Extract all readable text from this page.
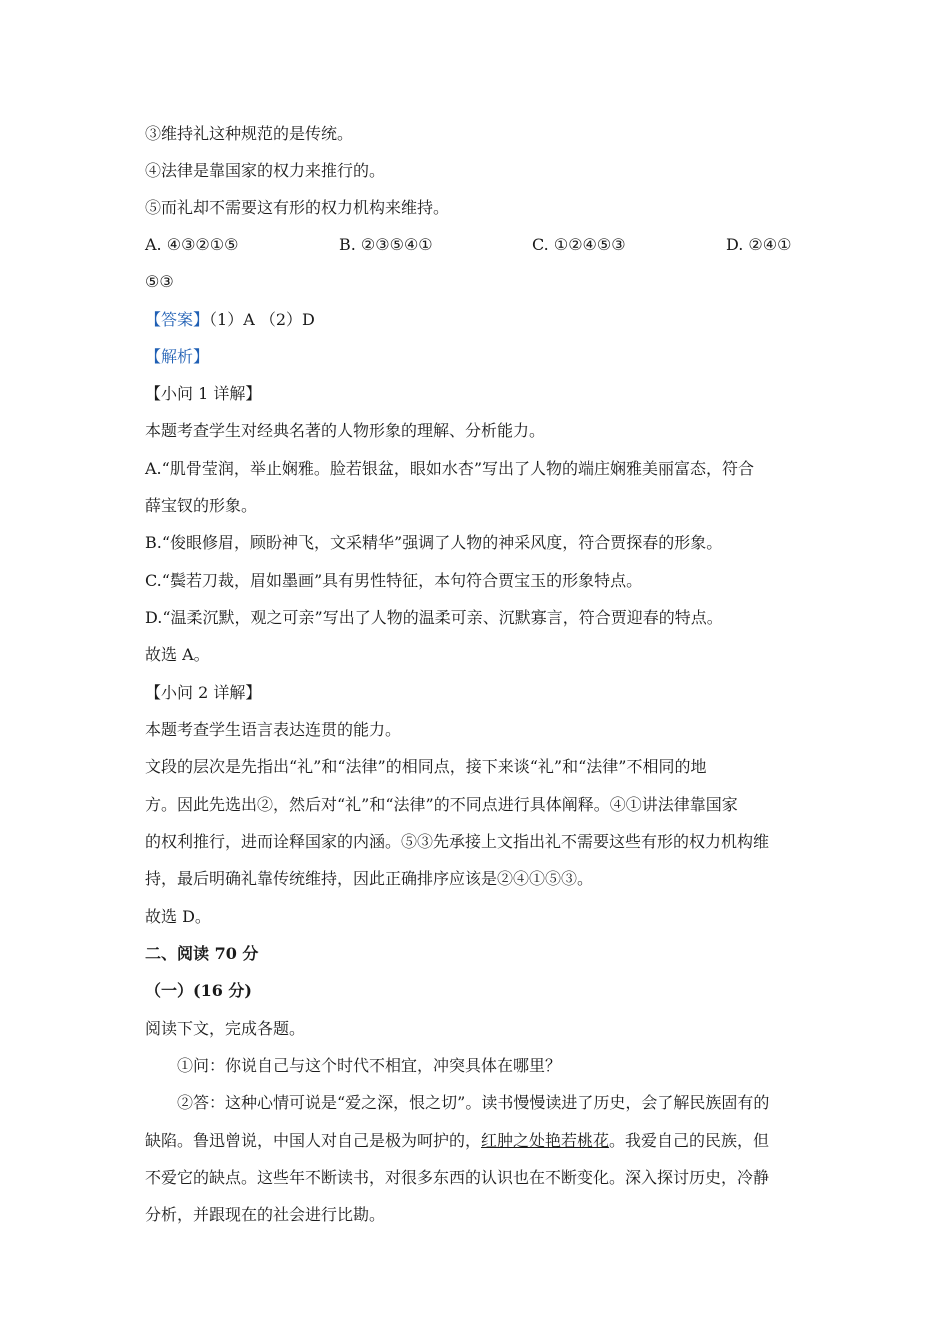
③维持礼这种规范的是传统。
④法律是靠国家的权力来推行的。
⑤而礼却不需要这有形的权力机构来维持。
A. ④③②①⑤	B. ②③⑤④①	C. ①②④⑤③	D. ②④①
⑤③
【答案】（1）A （2）D
【解析】
【小问 1 详解】
本题考查学生对经典名著的人物形象的理解、分析能力。
A.“肌骨莹润，举止娴雅。脸若银盆，眼如水杏”写出了人物的端庄娴雅美丽富态，符合
薛宝钗的形象。
B.“俊眼修眉，顾盼神飞，文采精华”强调了人物的神采风度，符合贾探春的形象。
C.“鬓若刀裁，眉如墨画”具有男性特征，本句符合贾宝玉的形象特点。
D.“温柔沉默，观之可亲”写出了人物的温柔可亲、沉默寡言，符合贾迎春的特点。
故选 A。
【小问 2 详解】
本题考查学生语言表达连贯的能力。
文段的层次是先指出“礼”和“法律”的相同点，接下来谈“礼”和“法律”不相同的地
方。因此先选出②，然后对“礼”和“法律”的不同点进行具体阐释。④①讲法律靠国家
的权利推行，进而诠释国家的内涵。⑤③先承接上文指出礼不需要这些有形的权力机构维
持，最后明确礼靠传统维持，因此正确排序应该是②④①⑤③。
故选 D。
二、阅读 70 分
（一）(16 分)
阅读下文，完成各题。
①问：你说自己与这个时代不相宜，冲突具体在哪里？
②答：这种心情可说是“爱之深，恨之切”。读书慢慢读进了历史，会了解民族固有的
缺陷。鲁迅曾说，中国人对自己是极为呵护的，红肿之处艳若桃花。我爱自己的民族，但
不爱它的缺点。这些年不断读书，对很多东西的认识也在不断变化。深入探讨历史，冷静
分析，并跟现在的社会进行比勘。
